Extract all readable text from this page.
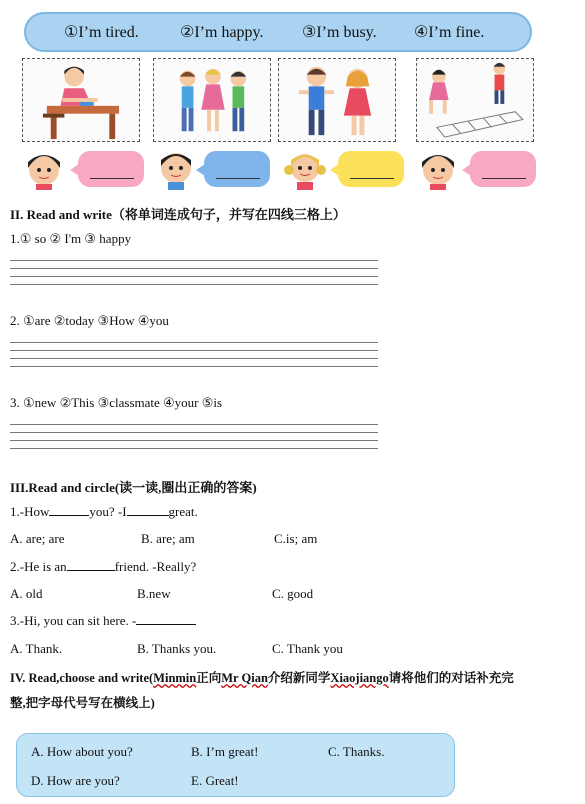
①I’m tired.	②I’m happy. ③I’m busy. ④I’m fine.
II. Read and write（将单词连成句子，并写在四线三格上）
1.① so ② I'm ③ happy
2. ①are ②today ③How ④you
3. ①new ②This ③classmate ④your ⑤is
III.Read and circle(读一读,圈出正确的答案)
1.-How	you? -I	great.
A. are; are	B. are; am	C.is; am
2.-He is an	friend. -Really?
A. old	B.new	C. good
3.-Hi, you can sit here. -
A. Thank.	B. Thanks you.	C. Thank you
IV. Read,choose and write(Minmin正向Mr Qian介绍新同学Xiaojiango请将他们的对话补充完
整,把字母代号写在横线上)
A. How about you?	B. I’m great!	C. Thanks.
D. How are you?	E. Great!
